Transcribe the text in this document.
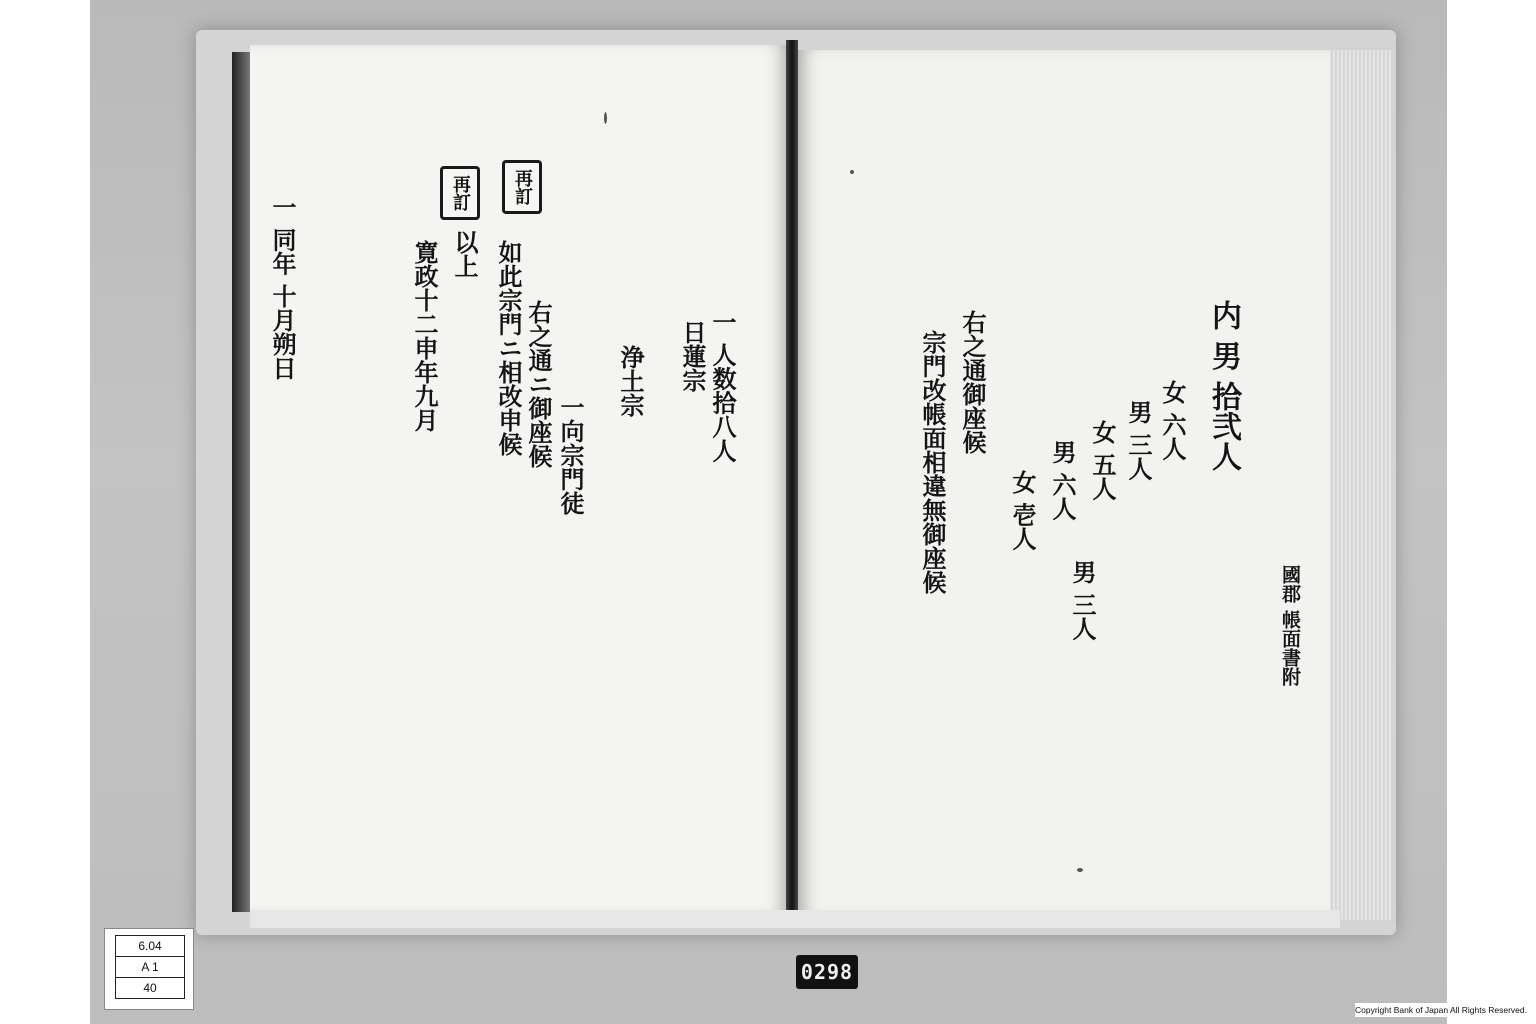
再訂
再訂
一 人数拾八人
日蓮宗
浄土宗
一向宗門徒
右之通ニ御座候
如此宗門ニ相改申候
以上
寛政十二申年九月
一 同年 十月朔日
國郡 帳面書附
内 男 拾弐人
女 六人
男 三人
女 五人
男 六人
女 壱人
右之通御座候
宗門改帳面相違無御座候
男 三人
6.04
A 1
40
0298
Copyright Bank of Japan All Rights Reserved.
